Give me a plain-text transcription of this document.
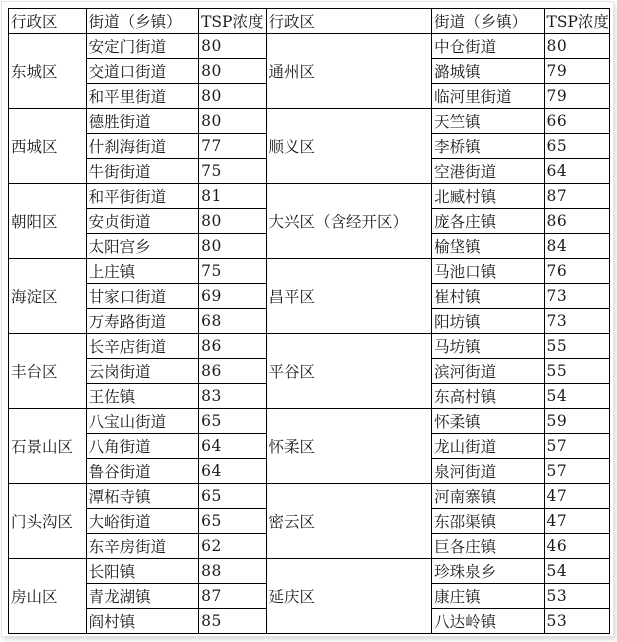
行政区	街道（乡镇）	TSP浓度	行政区	街道（乡镇）	TSP浓度
东城区	安定门街道	80	通州区	中仓街道	80
	交道口街道	80		潞城镇	79
	和平里街道	80		临河里街道	79
西城区	德胜街道	80	顺义区	天竺镇	66
	什刹海街道	77		李桥镇	65
	牛街街道	75		空港街道	64
朝阳区	和平街街道	81	大兴区（含经开区）	北臧村镇	87
	安贞街道	80		庞各庄镇	86
	太阳宫乡	80		榆垡镇	84
海淀区	上庄镇	75	昌平区	马池口镇	76
	甘家口街道	69		崔村镇	73
	万寿路街道	68		阳坊镇	73
丰台区	长辛店街道	86	平谷区	马坊镇	55
	云岗街道	86		滨河街道	55
	王佐镇	83		东高村镇	54
石景山区	八宝山街道	65	怀柔区	怀柔镇	59
	八角街道	64		龙山街道	57
	鲁谷街道	64		泉河街道	57
门头沟区	潭柘寺镇	65	密云区	河南寨镇	47
	大峪街道	65		东邵渠镇	47
	东辛房街道	62		巨各庄镇	46
房山区	长阳镇	88	延庆区	珍珠泉乡	54
	青龙湖镇	87		康庄镇	53
	阎村镇	85		八达岭镇	53
